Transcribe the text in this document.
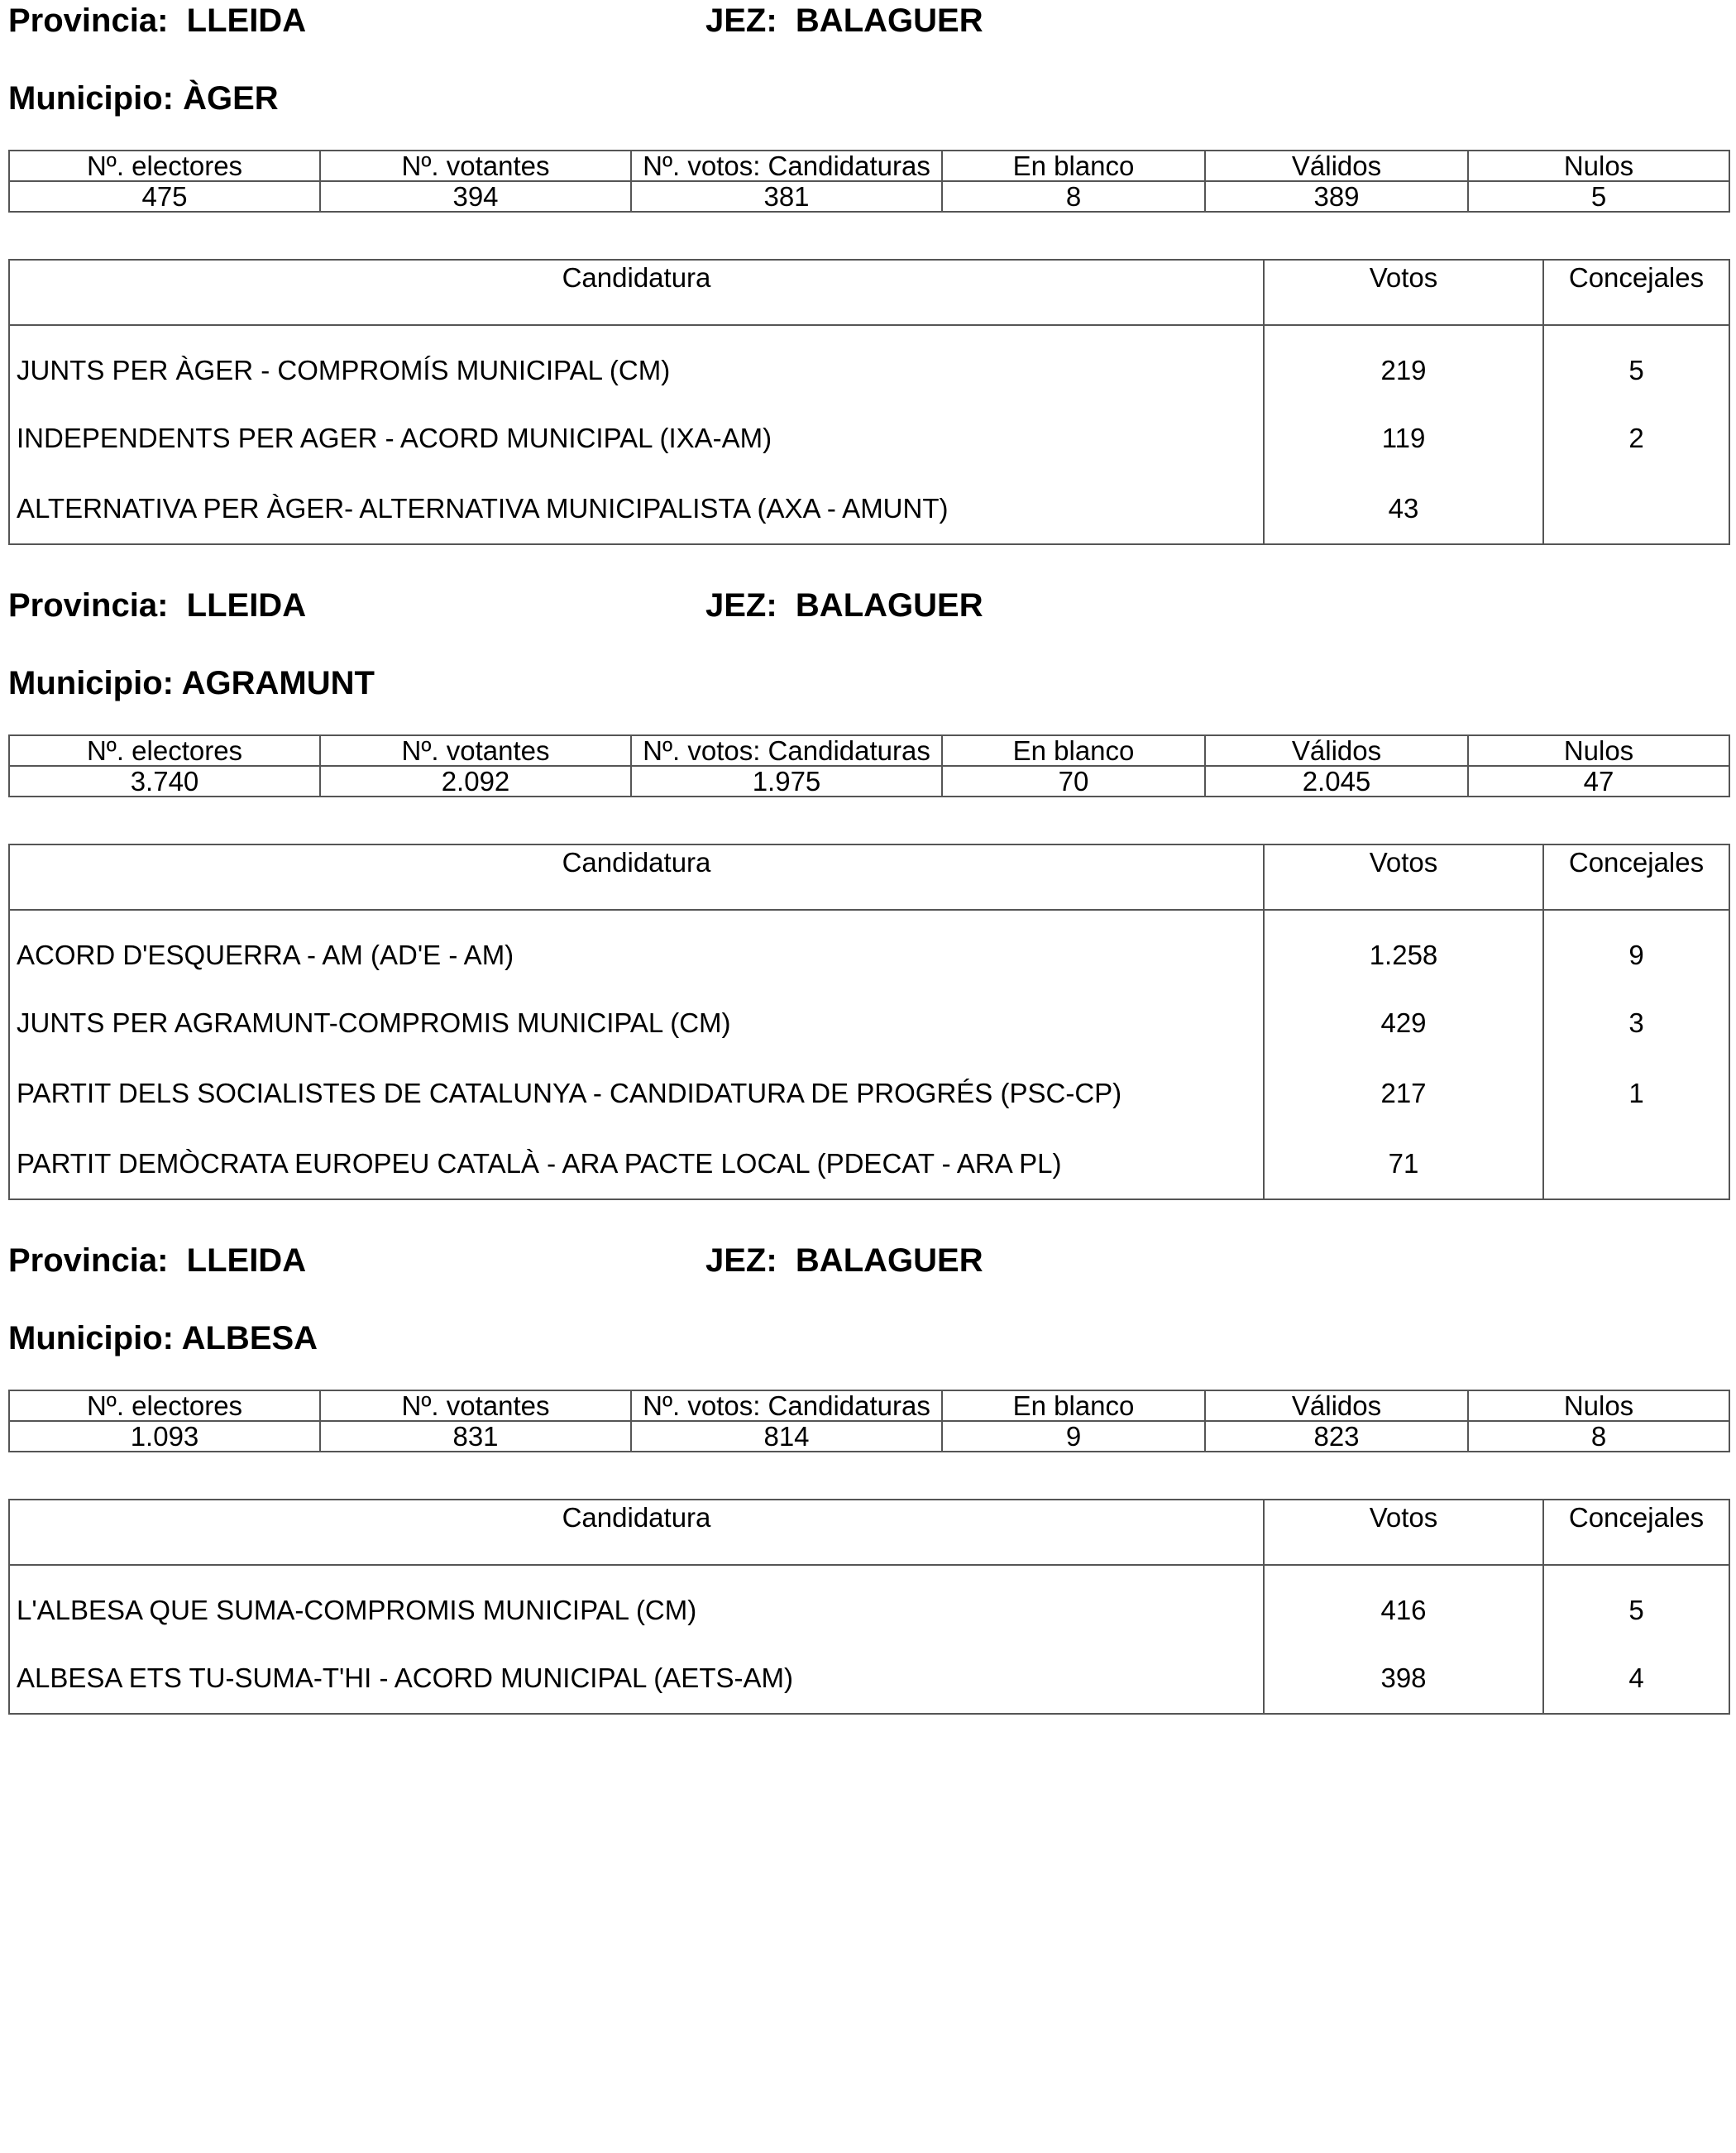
Provincia: LLEIDA	JEZ: BALAGUER
Municipio: ÀGER
Nº. electores	Nº. votantes	Nº. votos: Candidaturas	En blanco	Válidos	Nulos
475	394	381	8	389	5
Candidatura	Votos	Concejales
JUNTS PER ÀGER - COMPROMÍS MUNICIPAL (CM)	219	5
INDEPENDENTS PER AGER - ACORD MUNICIPAL (IXA-AM)	119	2
ALTERNATIVA PER ÀGER- ALTERNATIVA MUNICIPALISTA (AXA - AMUNT)	43	
Provincia: LLEIDA	JEZ: BALAGUER
Municipio: AGRAMUNT
Nº. electores	Nº. votantes	Nº. votos: Candidaturas	En blanco	Válidos	Nulos
3.740	2.092	1.975	70	2.045	47
Candidatura	Votos	Concejales
ACORD D'ESQUERRA - AM (AD'E - AM)	1.258	9
JUNTS PER AGRAMUNT-COMPROMIS MUNICIPAL (CM)	429	3
PARTIT DELS SOCIALISTES DE CATALUNYA - CANDIDATURA DE PROGRÉS (PSC-CP)	217	1
PARTIT DEMÒCRATA EUROPEU CATALÀ - ARA PACTE LOCAL (PDECAT - ARA PL)	71	
Provincia: LLEIDA	JEZ: BALAGUER
Municipio: ALBESA
Nº. electores	Nº. votantes	Nº. votos: Candidaturas	En blanco	Válidos	Nulos
1.093	831	814	9	823	8
Candidatura	Votos	Concejales
L'ALBESA QUE SUMA-COMPROMIS MUNICIPAL (CM)	416	5
ALBESA ETS TU-SUMA-T'HI - ACORD MUNICIPAL (AETS-AM)	398	4
